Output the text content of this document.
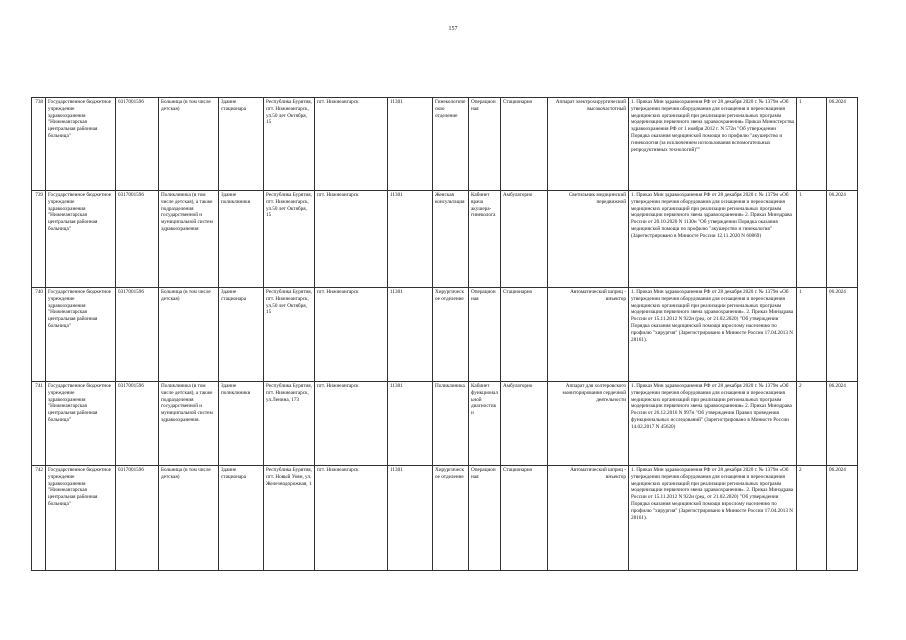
157
738	Государственное бюджетное учреждение здравоохранения "Нижнеангарская центральная районная больница"	0317001596	Больница (в том числе детская)	Здание стационара	Республика Бурятия, пгт. Нижнеангарск, ул.50 лет Октября, 15	пгт. Нижнеангарск	11301	Гинекологическое отделение	Операционная	Стационарно	Аппарат электрохирургический высокочастотный	1. Приказ Мин здравоохранения РФ от 28 декабря 2020 г. № 1379н «Об утверждении перечня оборудования для оснащения и переоснащения медицинских организаций при реализации региональных программ модернизации первичного звена здравоохранения» Приказ Министерства здравоохранения РФ от 1 ноября 2012 г. N 572н "Об утверждении Порядка оказания медицинской помощи по профилю "акушерство и гинекология (за исключением использования вспомогательных репродуктивных технологий)""	1	06.2024
739	Государственное бюджетное учреждение здравоохранения "Нижнеангарская центральная районная больница"	0317001596	Поликлиника (в том числе детская), а также подразделения государственной и муниципальной систем здравоохранения	Здание поликлиники	Республика Бурятия, пгт. Нижнеангарск, ул.50 лет Октября, 15	пгт. Нижнеангарск	11301	Женская консультация	Кабинет врача акушера-гинеколога	Амбулаторно	Светильник медицинский передвижной	1. Приказ Мин здравоохранения РФ от 28 декабря 2020 г. № 1379н «Об утверждении перечня оборудования для оснащения и переоснащения медицинских организаций при реализации региональных программ модернизации первичного звена здравоохранения» 2. Приказ Минздрава России от 20.10.2020 N 1130н "Об утверждении Порядка оказания медицинской помощи по профилю "акушерство и гинекология" (Зарегистрировано в Минюсте России 12.11.2020 N 60869)	1	06.2024
740	Государственное бюджетное учреждение здравоохранения "Нижнеангарская центральная районная больница"	0317001596	Больница (в том числе детская)	Здание стационара	Республика Бурятия, пгт. Нижнеангарск, ул.50 лет Октября, 15	пгт. Нижнеангарск	11301	Хирургическое отделение	Операционная	Стационарно	Автоматический шприц - инъектор	1. Приказ Мин здравоохранения РФ от 28 декабря 2020 г. № 1379н «Об утверждении перечня оборудования для оснащения и переоснащения медицинских организаций при реализации региональных программ модернизации первичного звена здравоохранения». 2. Приказ Минздрава России от 15.11.2012 N 922н (ред. от 21.02.2020) "Об утверждении Порядка оказания медицинской помощи взрослому населению по профилю "хирургия" (Зарегистрировано в Минюсте России 17.04.2013 N 28161).	1	06.2024
741	Государственное бюджетное учреждение здравоохранения "Нижнеангарская центральная районная больница"	0317001596	Поликлиника (в том числе детская), а также подразделения государственной и муниципальной систем здравоохранения.	Здание поликлиники	Республика Бурятия, пгт. Нижнеангарск, ул.Ленина, 173	пгт. Нижнеангарск	11301	Поликлиника	Кабинет функциональной диагностики	Амбулаторно	Аппарат для холтеровского мониторирования сердечной деятельности	1. Приказ Мин здравоохранения РФ от 28 декабря 2020 г. № 1379н «Об утверждении перечня оборудования для оснащения и переоснащения медицинских организаций при реализации региональных программ модернизации первичного звена здравоохранения» 2. Приказ Минздрава России от 26.12.2016 N 997н "Об утверждении Правил проведения функциональных исследований" (Зарегистрировано в Минюсте России 14.02.2017 N 45620)	2	06.2024
742	Государственное бюджетное учреждение здравоохранения "Нижнеангарская центральная районная больница"	0317001596	Больница (в том числе детская)	Здание стационара	Республика Бурятия, пгт. Новый Уоян, ул. Железнодорожная, 1	пгт. Нижнеангарск	11301	Хирургическое отделение	Операционная	Стационарно	Автоматический шприц - инъектор	1. Приказ Мин здравоохранения РФ от 28 декабря 2020 г. № 1379н «Об утверждении перечня оборудования для оснащения и переоснащения медицинских организаций при реализации региональных программ модернизации первичного звена здравоохранения». 2. Приказ Минздрава России от 15.11.2012 N 922н (ред. от 21.02.2020) "Об утверждении Порядка оказания медицинской помощи взрослому населению по профилю "хирургия" (Зарегистрировано в Минюсте России 17.04.2013 N 28161).	2	06.2024
